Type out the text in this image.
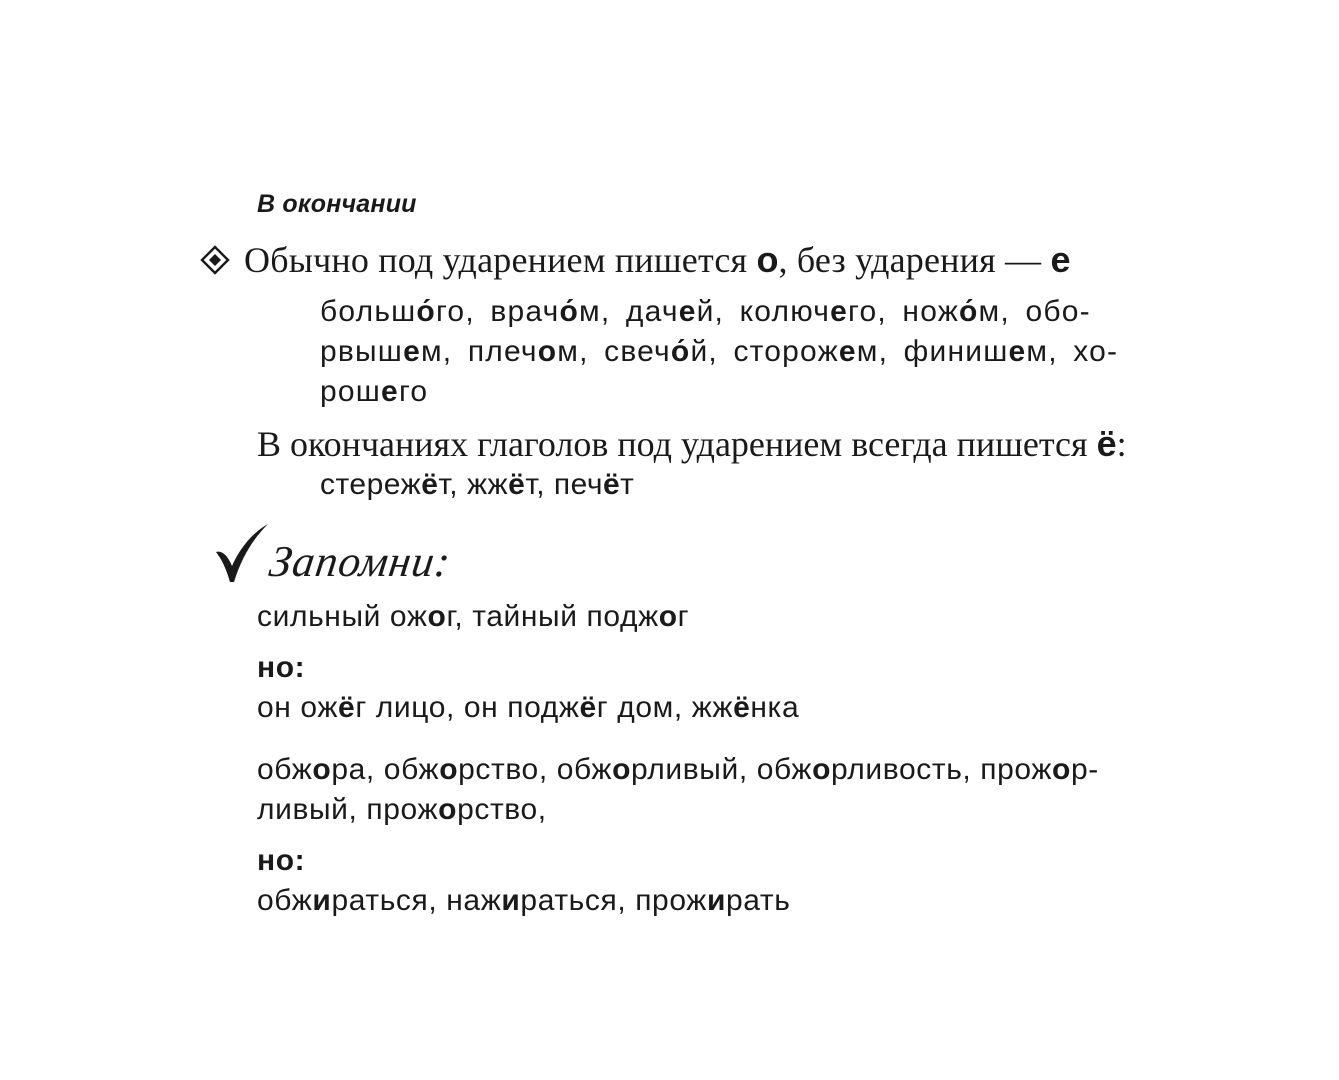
В окончании
Обычно под ударением пишется о, без ударения — е
большо́го, врачо́м, дачей, колючего, ножо́м, обо-рвышем, плечом, свечо́й, сторожем, финишем, хо-рошего
В окончаниях глаголов под ударением всегда пишется ё:
стережёт, жжёт, печёт
Запомни:
сильный ожог, тайный поджог
но:
он ожёг лицо, он поджёг дом, жжёнка
обжора, обжорство, обжорливый, обжорливость, прожор-
ливый, прожорство,
но:
обжираться, нажираться, прожирать
